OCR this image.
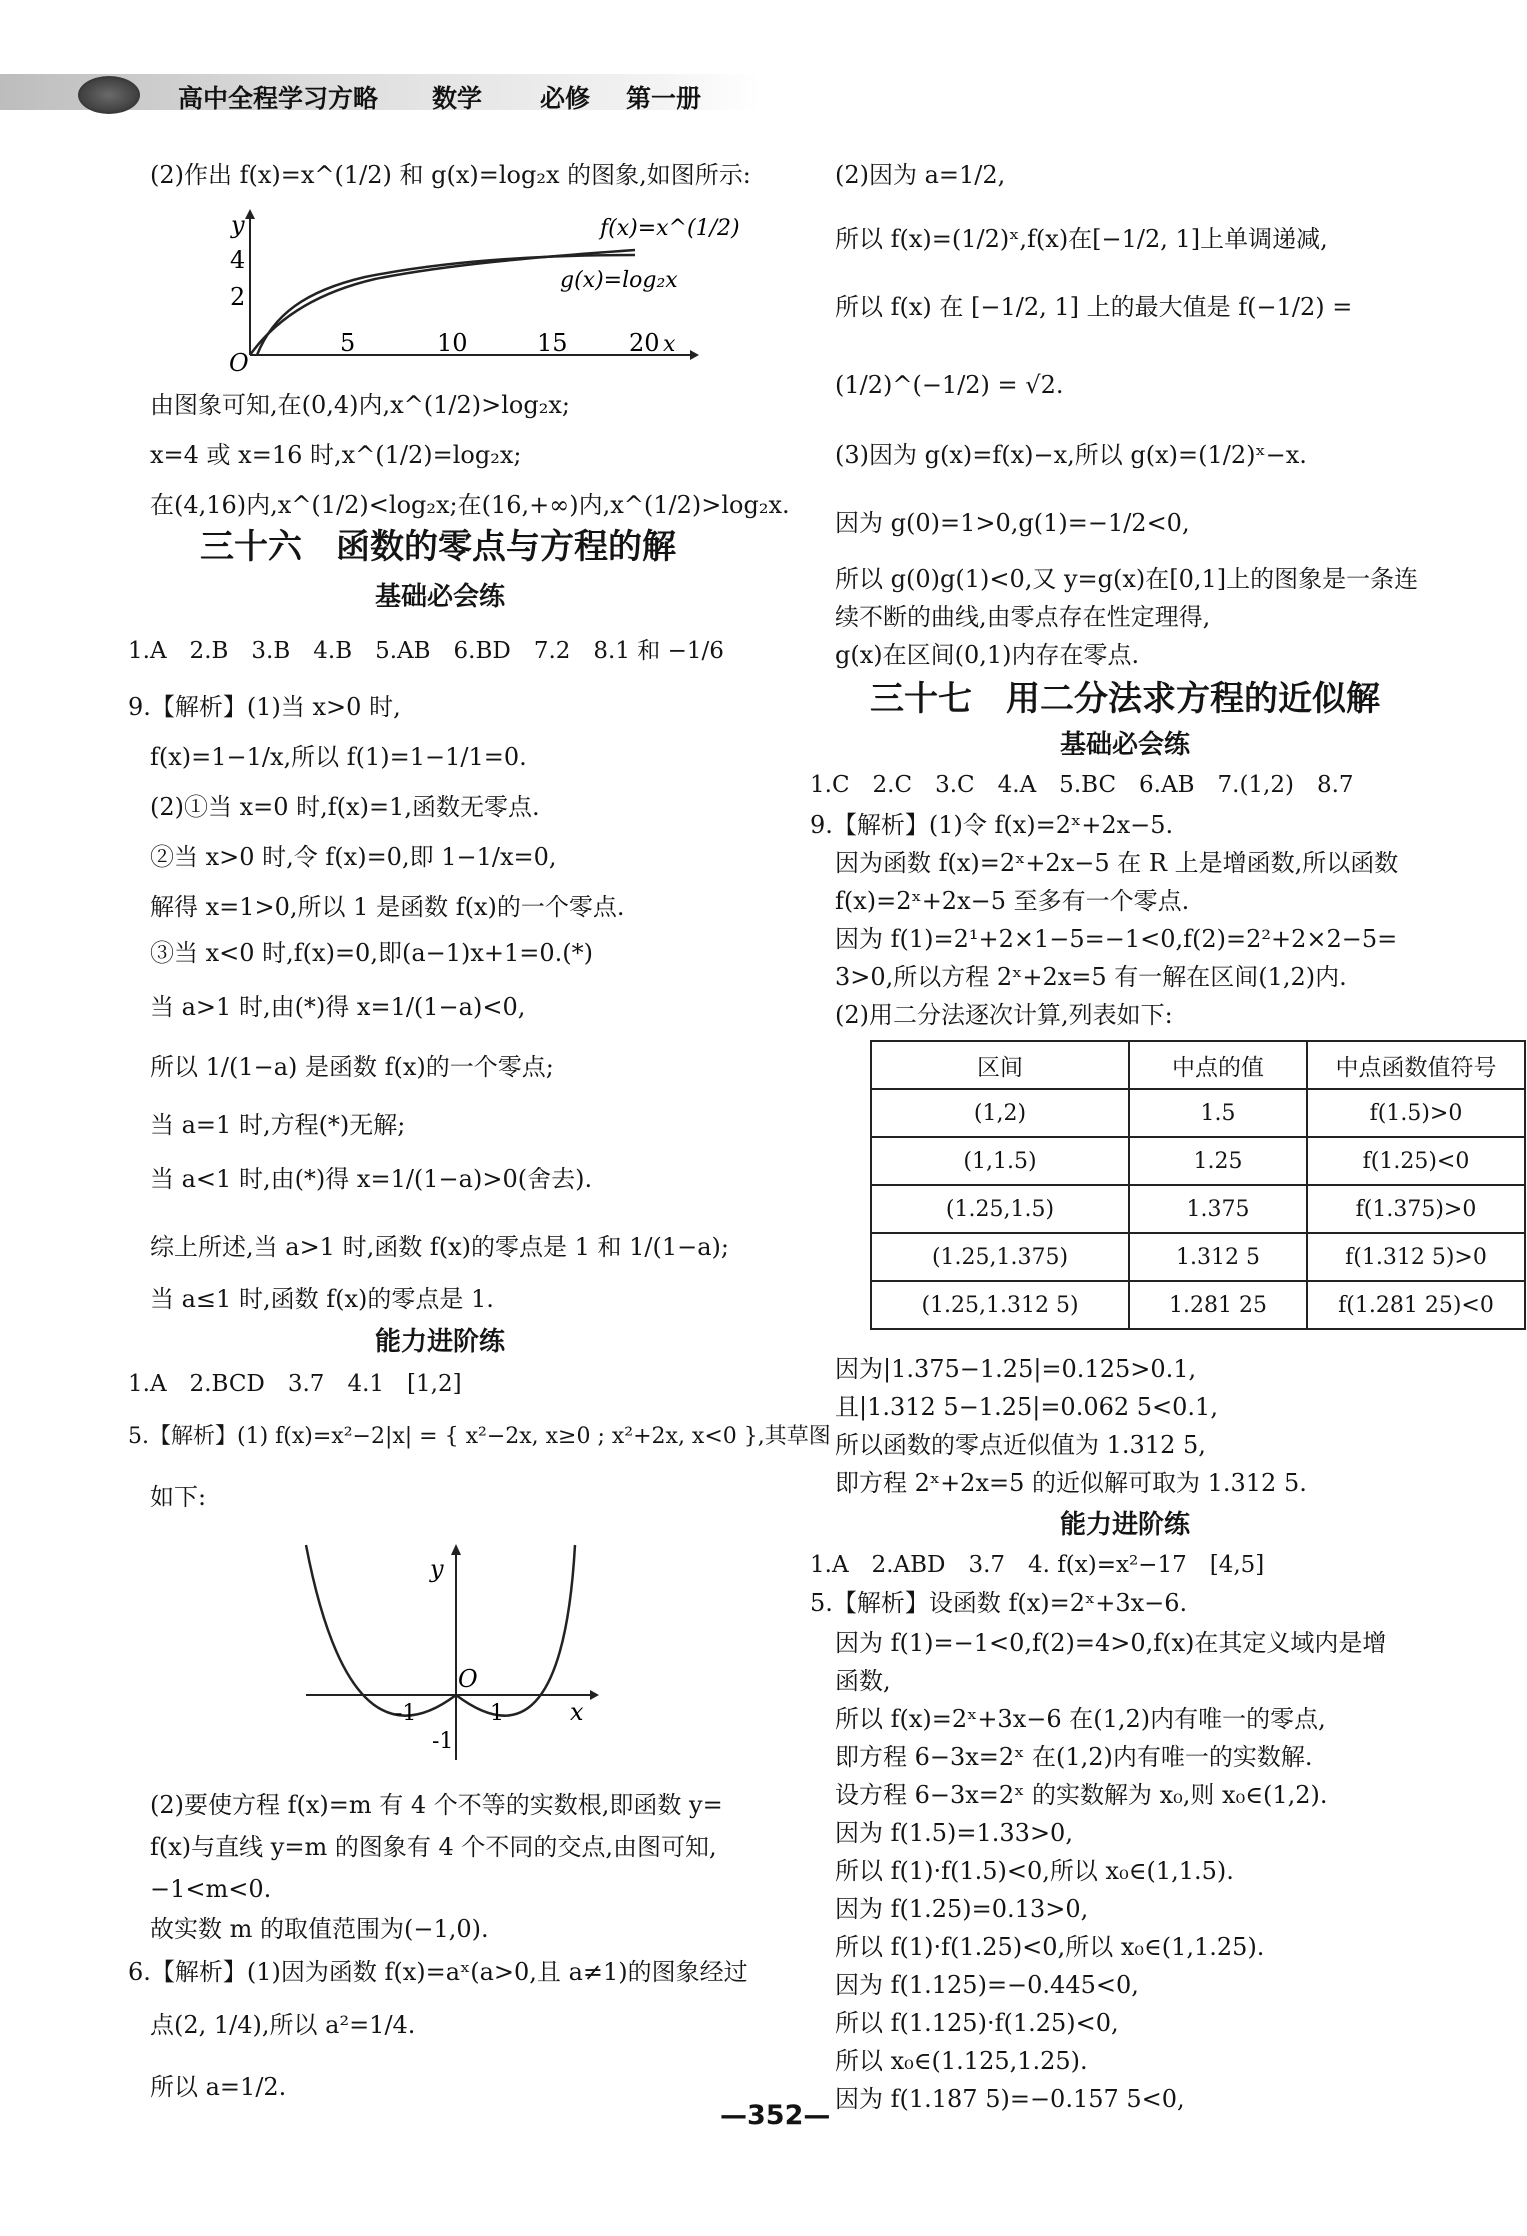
高中全程学习方略 数学 必修 第一册
(2)作出 f(x)=x^(1/2) 和 g(x)=log₂x 的图象,如图所示:
y
O
x
5	10	15	20
2
4
f(x)=x^(1/2)
g(x)=log₂x
由图象可知,在(0,4)内,x^(1/2)>log₂x;
x=4 或 x=16 时,x^(1/2)=log₂x;
在(4,16)内,x^(1/2)<log₂x;在(16,+∞)内,x^(1/2)>log₂x.
三十六　函数的零点与方程的解
基础必会练
1.A　2.B　3.B　4.B　5.AB　6.BD　7.2　8.1 和 −1/6
9.【解析】(1)当 x>0 时,
f(x)=1−1/x,所以 f(1)=1−1/1=0.
(2)①当 x=0 时,f(x)=1,函数无零点.
②当 x>0 时,令 f(x)=0,即 1−1/x=0,
解得 x=1>0,所以 1 是函数 f(x)的一个零点.
③当 x<0 时,f(x)=0,即(a−1)x+1=0.(*)
当 a>1 时,由(*)得 x=1/(1−a)<0,
所以 1/(1−a) 是函数 f(x)的一个零点;
当 a=1 时,方程(*)无解;
当 a<1 时,由(*)得 x=1/(1−a)>0(舍去).
综上所述,当 a>1 时,函数 f(x)的零点是 1 和 1/(1−a);
当 a≤1 时,函数 f(x)的零点是 1.
能力进阶练
1.A　2.BCD　3.7　4.1　[1,2]
5.【解析】(1) f(x)=x²−2|x| = { x²−2x, x≥0 ; x²+2x, x<0 },其草图
如下:
y
O
x
-1	1
-1
(2)要使方程 f(x)=m 有 4 个不等的实数根,即函数 y=
f(x)与直线 y=m 的图象有 4 个不同的交点,由图可知,
−1<m<0.
故实数 m 的取值范围为(−1,0).
6.【解析】(1)因为函数 f(x)=aˣ(a>0,且 a≠1)的图象经过
点(2, 1/4),所以 a²=1/4.
所以 a=1/2.
(2)因为 a=1/2,
所以 f(x)=(1/2)ˣ,f(x)在[−1/2, 1]上单调递减,
所以 f(x) 在 [−1/2, 1] 上的最大值是 f(−1/2) =
(1/2)^(−1/2) = √2.
(3)因为 g(x)=f(x)−x,所以 g(x)=(1/2)ˣ−x.
因为 g(0)=1>0,g(1)=−1/2<0,
所以 g(0)g(1)<0,又 y=g(x)在[0,1]上的图象是一条连
续不断的曲线,由零点存在性定理得,
g(x)在区间(0,1)内存在零点.
三十七　用二分法求方程的近似解
基础必会练
1.C　2.C　3.C　4.A　5.BC　6.AB　7.(1,2)　8.7
9.【解析】(1)令 f(x)=2ˣ+2x−5.
因为函数 f(x)=2ˣ+2x−5 在 R 上是增函数,所以函数
f(x)=2ˣ+2x−5 至多有一个零点.
因为 f(1)=2¹+2×1−5=−1<0,f(2)=2²+2×2−5=
3>0,所以方程 2ˣ+2x=5 有一解在区间(1,2)内.
(2)用二分法逐次计算,列表如下:
区间	中点的值	中点函数值符号
(1,2)	1.5	f(1.5)>0
(1,1.5)	1.25	f(1.25)<0
(1.25,1.5)	1.375	f(1.375)>0
(1.25,1.375)	1.312 5	f(1.312 5)>0
(1.25,1.312 5)	1.281 25	f(1.281 25)<0
因为|1.375−1.25|=0.125>0.1,
且|1.312 5−1.25|=0.062 5<0.1,
所以函数的零点近似值为 1.312 5,
即方程 2ˣ+2x=5 的近似解可取为 1.312 5.
能力进阶练
1.A　2.ABD　3.7　4. f(x)=x²−17　[4,5]
5.【解析】设函数 f(x)=2ˣ+3x−6.
因为 f(1)=−1<0,f(2)=4>0,f(x)在其定义域内是增
函数,
所以 f(x)=2ˣ+3x−6 在(1,2)内有唯一的零点,
即方程 6−3x=2ˣ 在(1,2)内有唯一的实数解.
设方程 6−3x=2ˣ 的实数解为 x₀,则 x₀∈(1,2).
因为 f(1.5)=1.33>0,
所以 f(1)·f(1.5)<0,所以 x₀∈(1,1.5).
因为 f(1.25)=0.13>0,
所以 f(1)·f(1.25)<0,所以 x₀∈(1,1.25).
因为 f(1.125)=−0.445<0,
所以 f(1.125)·f(1.25)<0,
所以 x₀∈(1.125,1.25).
因为 f(1.187 5)=−0.157 5<0,
—352—
